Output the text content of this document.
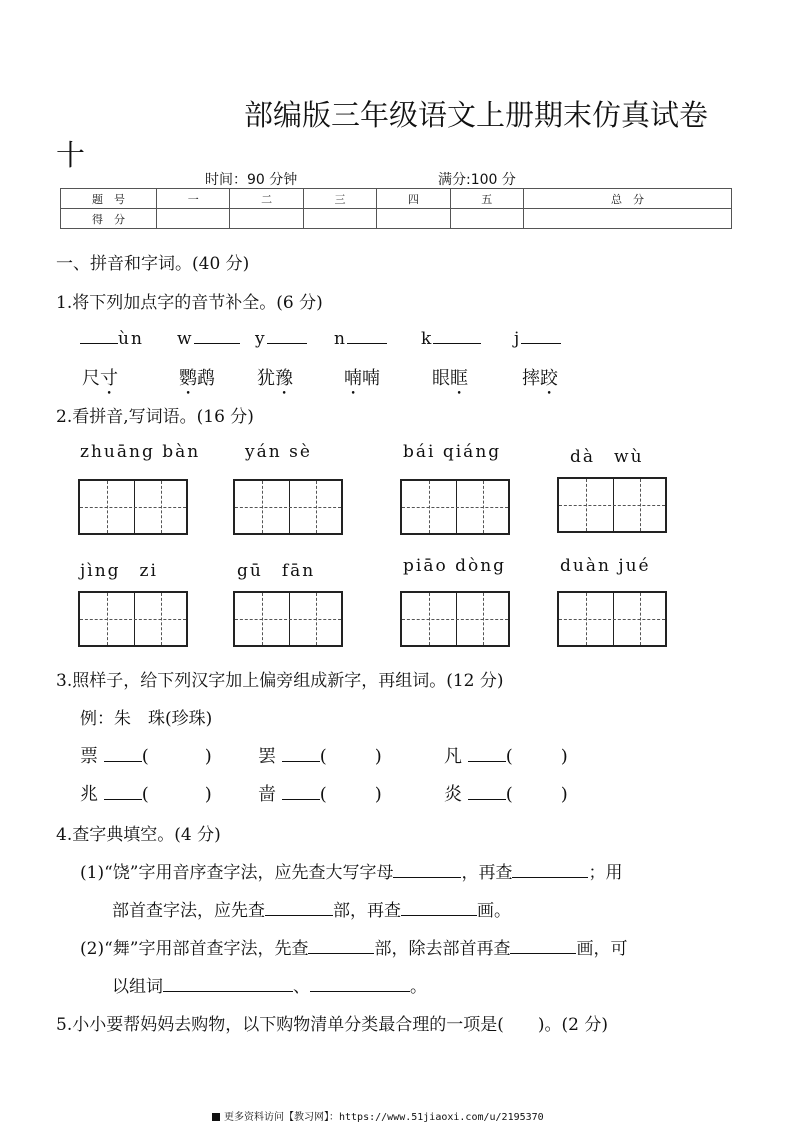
部编版三年级语文上册期末仿真试卷
十
时间：90 分钟	满分:100 分
题　号	一	二	三	四	五	总　分
得　分						
一、拼音和字词。(40 分)
1.将下列加点字的音节补全。(6 分)
ùn w	y	n	k	j
尺寸	鹦鹉 犹豫	喃喃	眼眶	摔跤
2.看拼音,写词语。(16 分)
zhuāng bàn	yán sè	bái qiáng	dà　wù
jìng　zi	gū　fān	piāo dòng	duàn jué
3.照样子，给下列汉字加上偏旁组成新字，再组词。(12 分)
例：朱　珠(珍珠)
票 (	)	罢 (	)	凡 (	)
兆 (	)	啬 (	)	炎 (	)
4.查字典填空。(4 分)
(1)“饶”字用音序查字法，应先查大写字母	，再查	；用
部首查字法，应先查	部，再查	画。
(2)“舞”字用部首查字法，先查	部，除去部首再查	画，可
以组词	、	。
5.小小要帮妈妈去购物，以下购物清单分类最合理的一项是(　　)。(2 分)
更多资料访问【教习网】：https://www.51jiaoxi.com/u/2195370
